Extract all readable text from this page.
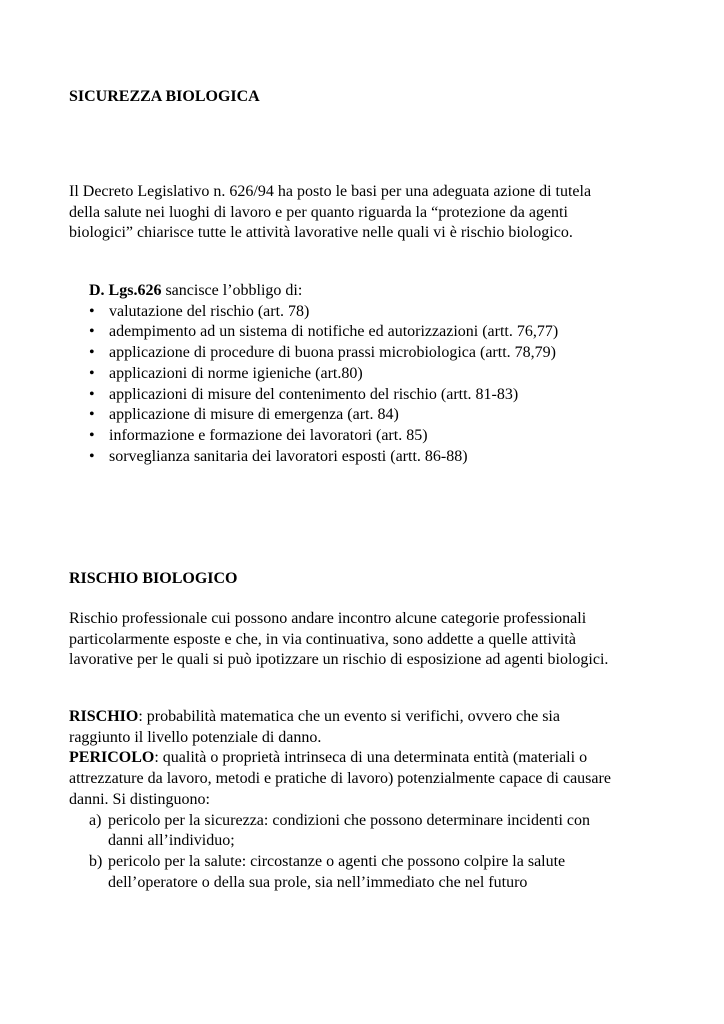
SICUREZZA BIOLOGICA
Il Decreto Legislativo n. 626/94 ha posto le basi per una adeguata azione di tutela
della salute nei luoghi di lavoro e per quanto riguarda la “protezione da agenti
biologici” chiarisce tutte le attività lavorative nelle quali vi è rischio biologico.
D. Lgs.626 sancisce l’obbligo di:
• valutazione del rischio (art. 78)
• adempimento ad un sistema di notifiche ed autorizzazioni (artt. 76,77)
• applicazione di procedure di buona prassi microbiologica (artt. 78,79)
• applicazioni di norme igieniche (art.80)
• applicazioni di misure del contenimento del rischio (artt. 81-83)
• applicazione di misure di emergenza (art. 84)
• informazione e formazione dei lavoratori (art. 85)
• sorveglianza sanitaria dei lavoratori esposti (artt. 86-88)
RISCHIO BIOLOGICO
Rischio professionale cui possono andare incontro alcune categorie professionali
particolarmente esposte e che, in via continuativa, sono addette a quelle attività
lavorative per le quali si può ipotizzare un rischio di esposizione ad agenti biologici.
RISCHIO: probabilità matematica che un evento si verifichi, ovvero che sia
raggiunto il livello potenziale di danno.
PERICOLO: qualità o proprietà intrinseca di una determinata entità (materiali o
attrezzature da lavoro, metodi e pratiche di lavoro) potenzialmente capace di causare
danni. Si distinguono:
a) pericolo per la sicurezza: condizioni che possono determinare incidenti con
danni all’individuo;
b) pericolo per la salute: circostanze o agenti che possono colpire la salute
dell’operatore o della sua prole, sia nell’immediato che nel futuro
